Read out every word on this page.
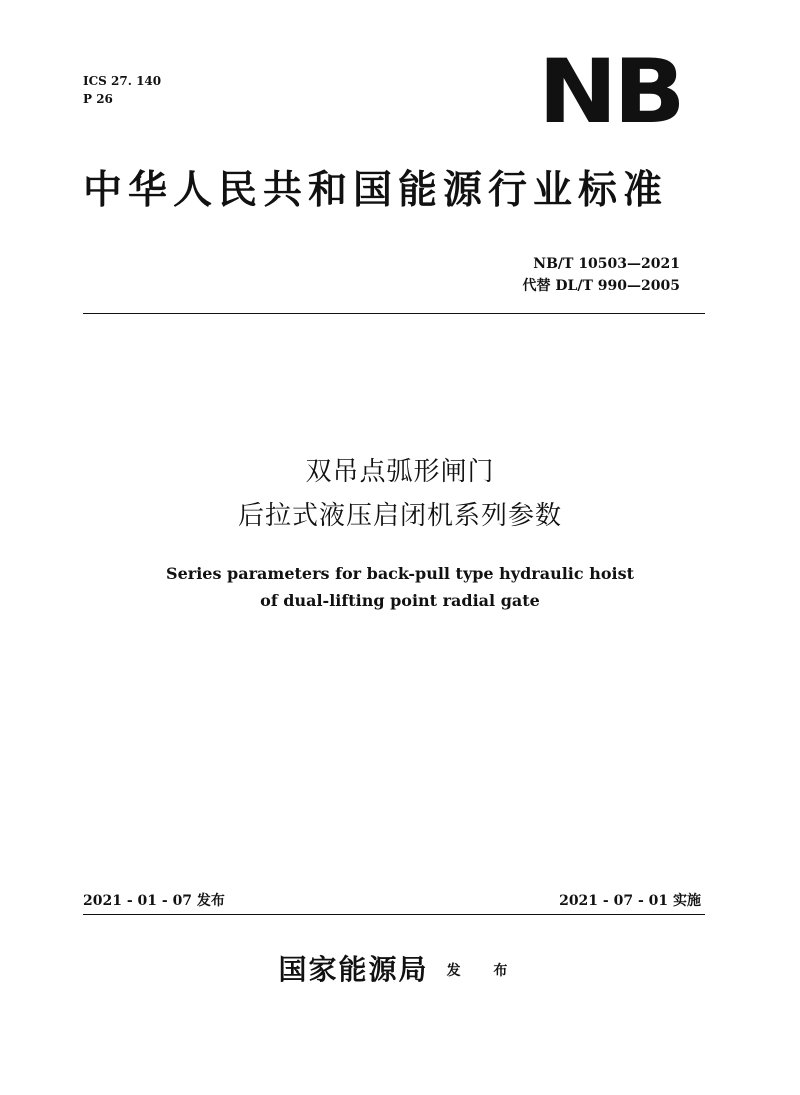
ICS 27. 140
P 26	NB
中华人民共和国能源行业标准
NB/T 10503—2021
代替 DL/T 990—2005
双吊点弧形闸门
后拉式液压启闭机系列参数
Series parameters for back-pull type hydraulic hoist
of dual-lifting point radial gate
2021 - 01 - 07 发布	2021 - 07 - 01 实施
国家能源局 发 布
